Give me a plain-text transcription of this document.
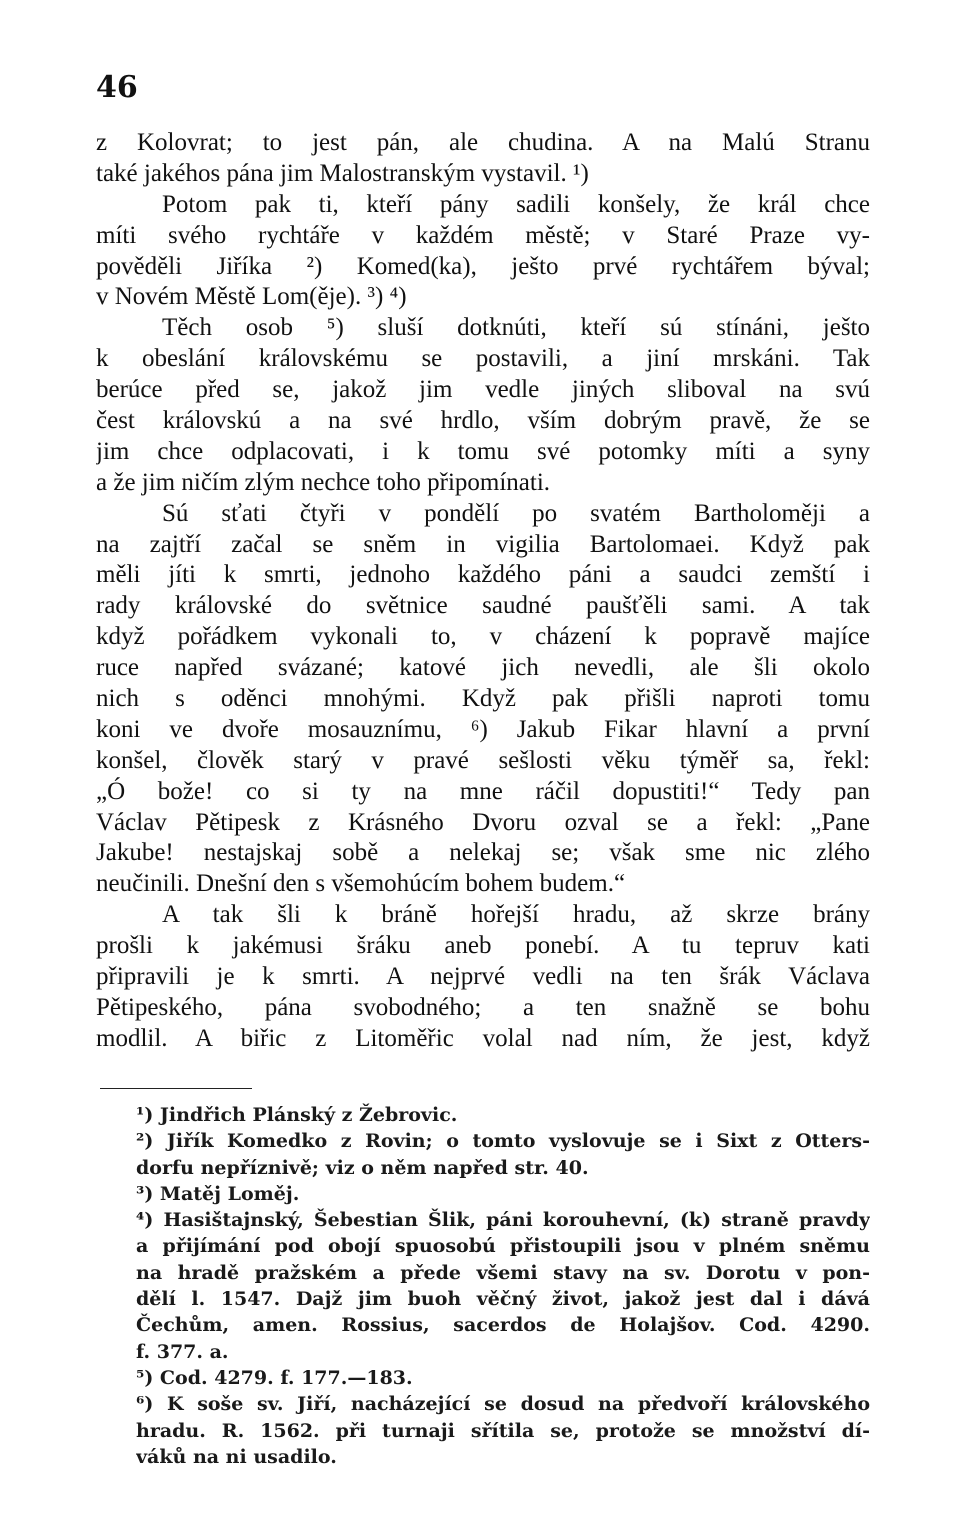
46
z Kolovrat; to jest pán, ale chudina. A na Malú Stranu
také jakéhos pána jim Malostranským vystavil. ¹)
Potom pak ti, kteří pány sadili konšely, že král chce
míti svého rychtáře v každém městě; v Staré Praze vy-
pověděli Jiříka ²) Komed(ka), ješto prvé rychtářem býval;
v Novém Městě Lom(ěje). ³) ⁴)
Těch osob ⁵) sluší dotknúti, kteří sú stínáni, ješto
k obeslání královskému se postavili, a jiní mrskáni. Tak
berúce před se, jakož jim vedle jiných sliboval na svú
čest královskú a na své hrdlo, vším dobrým pravě, že se
jim chce odplacovati, i k tomu své potomky míti a syny
a že jim ničím zlým nechce toho připomínati.
Sú sťati čtyři v pondělí po svatém Bartholoměji a
na zajtří začal se sněm in vigilia Bartolomaei. Když pak
měli jíti k smrti, jednoho každého páni a saudci zemští i
rady královské do světnice saudné paušťěli sami. A tak
když pořádkem vykonali to, v cházení k popravě majíce
ruce napřed svázané; katové jich nevedli, ale šli okolo
nich s oděnci mnohými. Když pak přišli naproti tomu
koni ve dvoře mosauznímu, ⁶) Jakub Fikar hlavní a první
konšel, člověk starý v pravé sešlosti věku týměř sa, řekl:
„Ó bože! co si ty na mne ráčil dopustiti!“ Tedy pan
Václav Pětipesk z Krásného Dvoru ozval se a řekl: „Pane
Jakube! nestajskaj sobě a nelekaj se; však sme nic zlého
neučinili. Dnešní den s všemohúcím bohem budem.“
A tak šli k bráně hořejší hradu, až skrze brány
prošli k jakémusi šráku aneb ponebí. A tu tepruv kati
připravili je k smrti. A nejprvé vedli na ten šrák Václava
Pětipeského, pána svobodného; a ten snažně se bohu
modlil. A biřic z Litoměřic volal nad ním, že jest, když
¹) Jindřich Plánský z Žebrovic.
²) Jiřík Komedko z Rovin; o tomto vyslovuje se i Sixt z Otters-
dorfu nepříznivě; viz o něm napřed str. 40.
³) Matěj Loměj.
⁴) Hasištajnský, Šebestian Šlik, páni korouhevní, (k) straně pravdy
a přijímání pod obojí spuosobú přistoupili jsou v plném sněmu
na hradě pražském a přede všemi stavy na sv. Dorotu v pon-
dělí l. 1547. Dajž jim buoh věčný život, jakož jest dal i dává
Čechům, amen. Rossius, sacerdos de Holajšov. Cod. 4290.
f. 377. a.
⁵) Cod. 4279. f. 177.—183.
⁶) K soše sv. Jiří, nacházející se dosud na předvoří královského
hradu. R. 1562. při turnaji sřítila se, protože se množství dí-
váků na ni usadilo.
